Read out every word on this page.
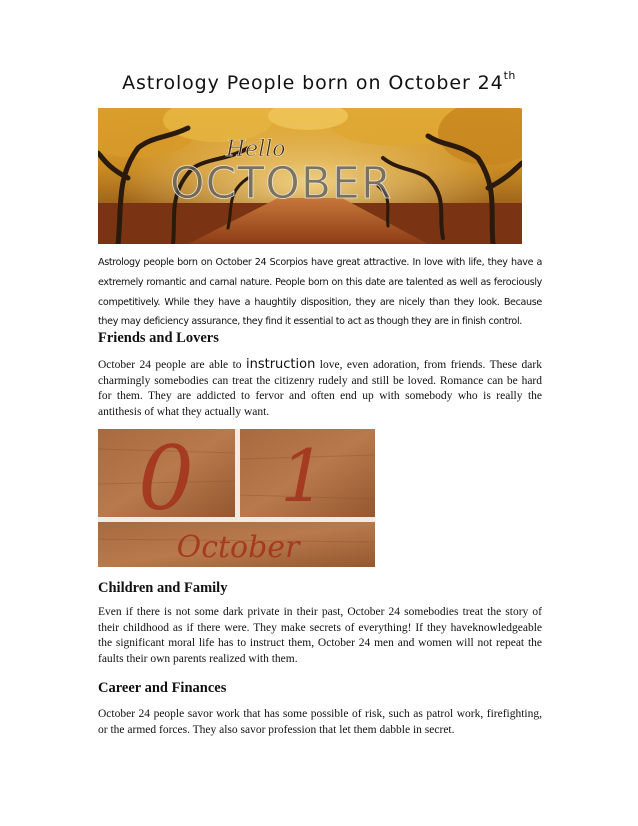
Astrology People born on October 24th
Hello
OCTOBER
Astrology people born on October 24 Scorpios have great attractive. In love with life, they have a extremely romantic and carnal nature. People born on this date are talented as well as ferociously competitively. While they have a haughtily disposition, they are nicely than they look. Because they may deficiency assurance, they find it essential to act as though they are in finish control.
Friends and Lovers
October 24 people are able to instruction love, even adoration, from friends. These dark charmingly somebodies can treat the citizenry rudely and still be loved. Romance can be hard for them. They are addicted to fervor and often end up with somebody who is really the antithesis of what they actually want.
0 1
October
Children and Family
Even if there is not some dark private in their past, October 24 somebodies treat the story of their childhood as if there were. They make secrets of everything! If they haveknowledgeable the significant moral life has to instruct them, October 24 men and women will not repeat the faults their own parents realized with them.
Career and Finances
October 24 people savor work that has some possible of risk, such as patrol work, firefighting, or the armed forces. They also savor profession that let them dabble in secret.
